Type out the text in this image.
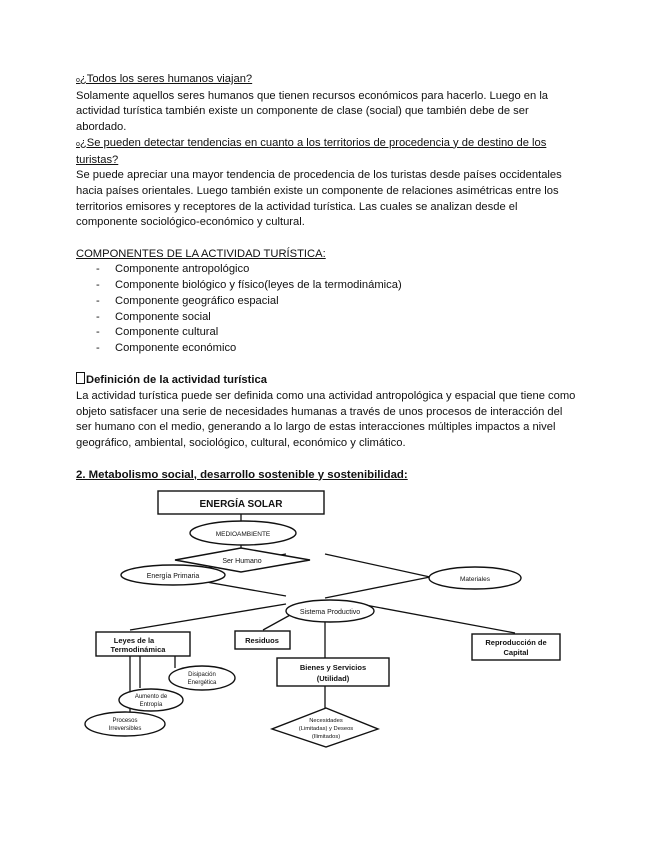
o¿Todos los seres humanos viajan?

Solamente aquellos seres humanos que tienen recursos económicos para hacerlo. Luego en la actividad turística también existe un componente de clase (social) que también debe de ser abordado.

o¿Se pueden detectar tendencias en cuanto a los territorios de procedencia y de destino de los turistas?

Se puede apreciar una mayor tendencia de procedencia de los turistas desde países occidentales hacia países orientales. Luego también existe un componente de relaciones asimétricas entre los territorios emisores y receptores de la actividad turística. Las cuales se analizan desde el componente sociológico-económico y cultural.

COMPONENTES DE LA ACTIVIDAD TURÍSTICA:

- Componente antropológico
- Componente biológico y físico(leyes de la termodinámica)
- Componente geográfico espacial
- Componente social
- Componente cultural
- Componente económico

Definición de la actividad turística

La actividad turística puede ser definida como una actividad antropológica y espacial que tiene como objeto satisfacer una serie de necesidades humanas a través de unos procesos de interacción del ser humano con el medio, generando a lo largo de estas interacciones múltiples impactos a nivel geográfico, ambiental, sociológico, cultural, económico y climático.

2. Metabolismo social, desarrollo sostenible y sostenibilidad:

ENERGÍA SOLAR
MEDIOAMBIENTE
Ser Humano
Energía Primaria	Materiales
Sistema Productivo
Leyes de la
Termodinámica
Residuos	Reproducción de
Capital
Bienes y Servicios
(Utilidad)
Disipación
Energética
Aumento de
Entropía
Procesos
Irreversibles
Necesidades
(Limitadas) y Deseos
(Ilimitados)
